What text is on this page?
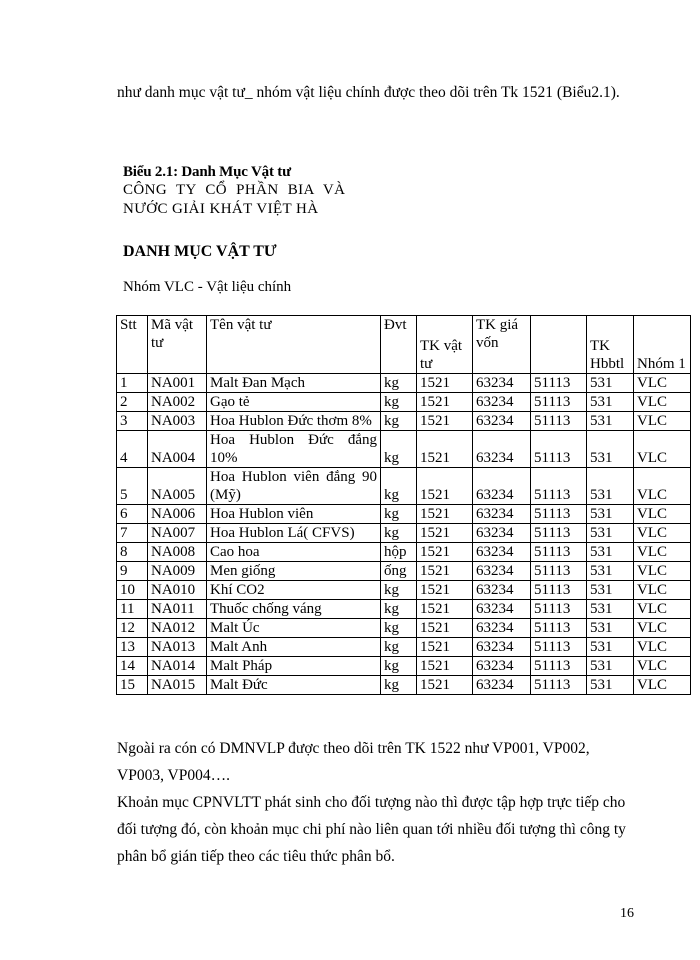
như danh mục vật tư_ nhóm vật liệu chính được theo dõi trên Tk 1521 (Biểu2.1).
Biểu 2.1: Danh Mục Vật tư
CÔNG TY CỔ PHẦN BIA VÀ
NƯỚC GIẢI KHÁT VIỆT HÀ
DANH MỤC VẬT TƯ
Nhóm VLC - Vật liệu chính
Stt	Mã vật tư	Tên vật tư	Đvt	TK vật tư	TK giá vốn		TK Hbbtl	Nhóm 1
1	NA001	Malt Đan Mạch	kg	1521	63234	51113	531	VLC
2	NA002	Gạo tẻ	kg	1521	63234	51113	531	VLC
3	NA003	Hoa Hublon Đức thơm 8%	kg	1521	63234	51113	531	VLC
4	NA004	Hoa Hublon Đức đắng 10%	kg	1521	63234	51113	531	VLC
5	NA005	Hoa Hublon viên đắng 90 (Mỹ)	kg	1521	63234	51113	531	VLC
6	NA006	Hoa Hublon viên	kg	1521	63234	51113	531	VLC
7	NA007	Hoa Hublon Lá( CFVS)	kg	1521	63234	51113	531	VLC
8	NA008	Cao hoa	hộp	1521	63234	51113	531	VLC
9	NA009	Men giống	ống	1521	63234	51113	531	VLC
10	NA010	Khí CO2	kg	1521	63234	51113	531	VLC
11	NA011	Thuốc chống váng	kg	1521	63234	51113	531	VLC
12	NA012	Malt Úc	kg	1521	63234	51113	531	VLC
13	NA013	Malt Anh	kg	1521	63234	51113	531	VLC
14	NA014	Malt Pháp	kg	1521	63234	51113	531	VLC
15	NA015	Malt Đức	kg	1521	63234	51113	531	VLC

Ngoài ra cón có DMNVLP được theo dõi trên TK 1522 như VP001, VP002, VP003, VP004….

Khoản mục CPNVLTT phát sinh cho đối tượng nào thì được tập hợp trực tiếp cho đối tượng đó, còn khoản mục chi phí nào liên quan tới nhiều đối tượng thì công ty phân bổ gián tiếp theo các tiêu thức phân bổ.

16
